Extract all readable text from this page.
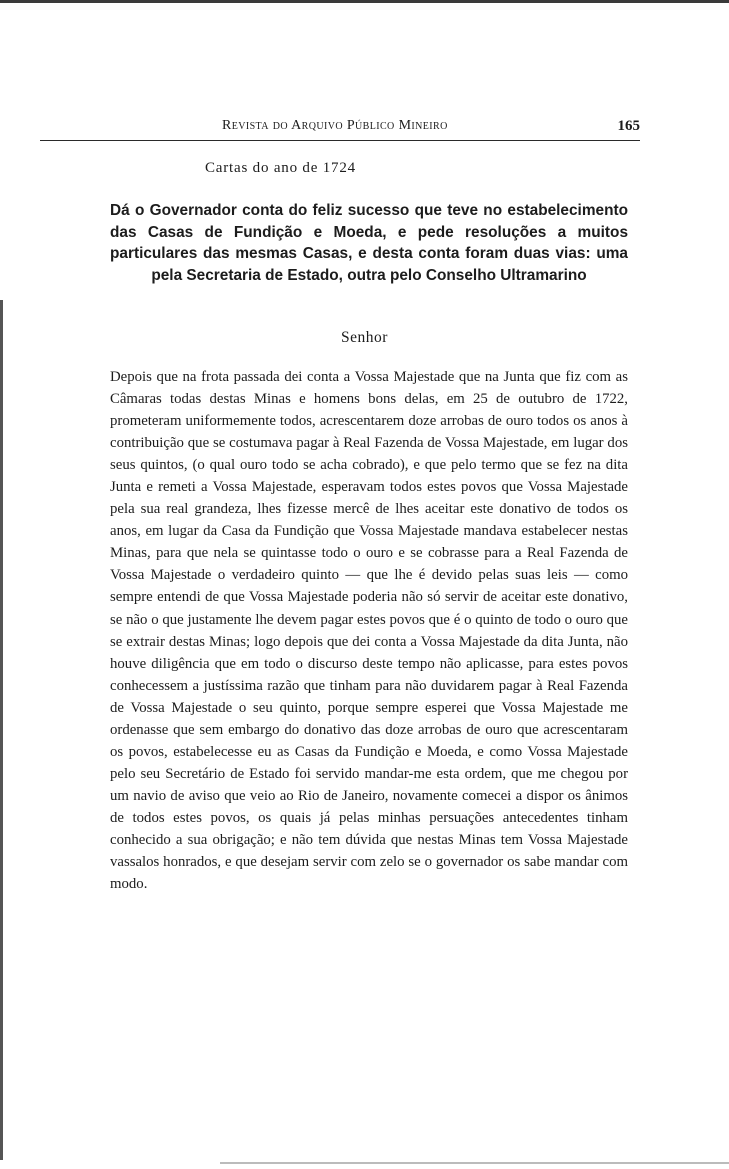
Revista do Arquivo Público Mineiro	165
Cartas do ano de 1724

Dá o Governador conta do feliz sucesso que teve no estabelecimento das Casas de Fundição e Moeda, e pede resoluções a muitos particulares das mesmas Casas, e desta conta foram duas vias: uma pela Secretaria de Estado, outra pelo Conselho Ultramarino

Senhor

Depois que na frota passada dei conta a Vossa Majestade que na Junta que fiz com as Câmaras todas destas Minas e homens bons delas, em 25 de outubro de 1722, prometeram uniformemente todos, acrescentarem doze arrobas de ouro todos os anos à contribuição que se costumava pagar à Real Fazenda de Vossa Majestade, em lugar dos seus quintos, (o qual ouro todo se acha cobrado), e que pelo termo que se fez na dita Junta e remeti a Vossa Majestade, esperavam todos estes povos que Vossa Majestade pela sua real grandeza, lhes fizesse mercê de lhes aceitar este donativo de todos os anos, em lugar da Casa da Fundição que Vossa Majestade mandava estabelecer nestas Minas, para que nela se quintasse todo o ouro e se cobrasse para a Real Fazenda de Vossa Majestade o verdadeiro quinto — que lhe é devido pelas suas leis — como sempre entendi de que Vossa Majestade poderia não só servir de aceitar este donativo, se não o que justamente lhe devem pagar estes povos que é o quinto de todo o ouro que se extrair destas Minas; logo depois que dei conta a Vossa Majestade da dita Junta, não houve diligência que em todo o discurso deste tempo não aplicasse, para estes povos conhecessem a justíssima razão que tinham para não duvidarem pagar à Real Fazenda de Vossa Majestade o seu quinto, porque sempre esperei que Vossa Majestade me ordenasse que sem embargo do donativo das doze arrobas de ouro que acrescentaram os povos, estabelecesse eu as Casas da Fundição e Moeda, e como Vossa Majestade pelo seu Secretário de Estado foi servido mandar-me esta ordem, que me chegou por um navio de aviso que veio ao Rio de Janeiro, novamente comecei a dispor os ânimos de todos estes povos, os quais já pelas minhas persuações antecedentes tinham conhecido a sua obrigação; e não tem dúvida que nestas Minas tem Vossa Majestade vassalos honrados, e que desejam servir com zelo se o governador os sabe mandar com modo.
